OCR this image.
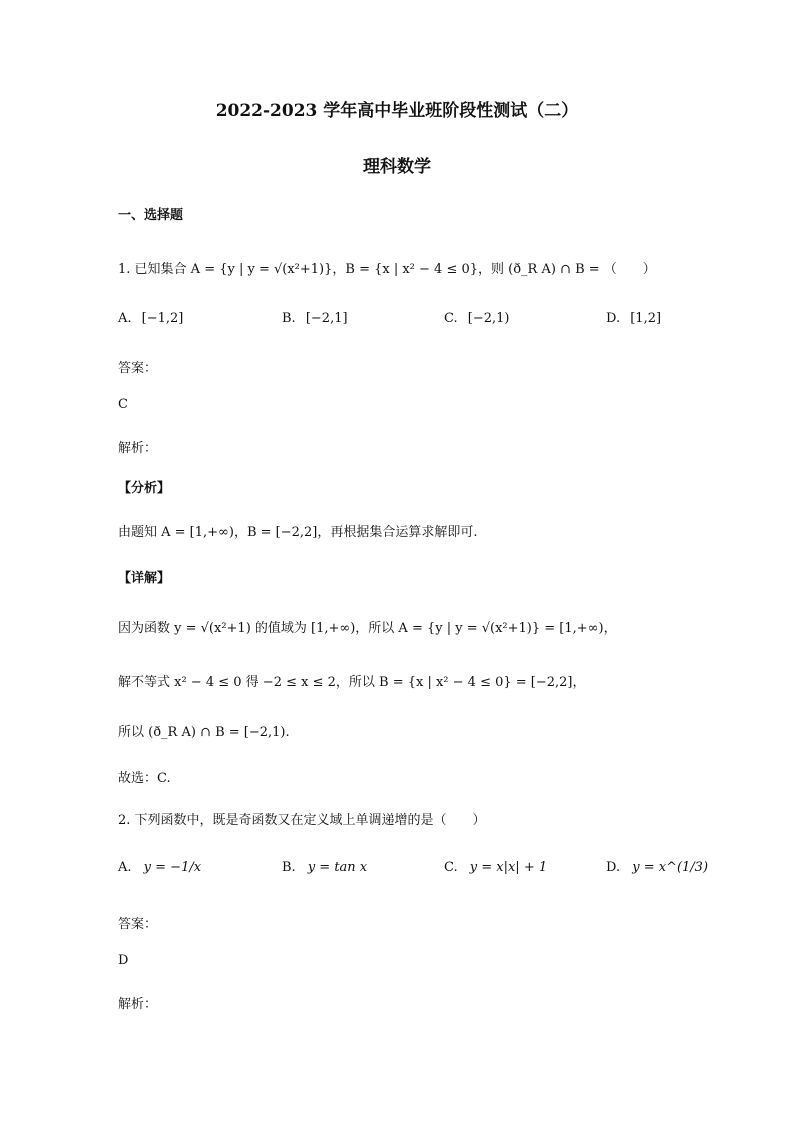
2022-2023 学年高中毕业班阶段性测试（二）
理科数学
一、选择题
1. 已知集合 A = {y | y = √(x²+1)}，B = {x | x² − 4 ≤ 0}，则 (ð_R A) ∩ B = （　　）
A. [−1,2]	B. [−2,1]	C. [−2,1)	D. [1,2]
答案：
C
解析：
【分析】
由题知 A = [1,+∞)，B = [−2,2]，再根据集合运算求解即可.
【详解】
因为函数 y = √(x²+1) 的值域为 [1,+∞)，所以 A = {y | y = √(x²+1)} = [1,+∞)，
解不等式 x² − 4 ≤ 0 得 −2 ≤ x ≤ 2，所以 B = {x | x² − 4 ≤ 0} = [−2,2]，
所以 (ð_R A) ∩ B = [−2,1).
故选：C.
2. 下列函数中，既是奇函数又在定义域上单调递增的是（　　）
A. y = −1/x	B. y = tan x	C. y = x|x| + 1	D. y = x^(1/3)
答案：
D
解析：
